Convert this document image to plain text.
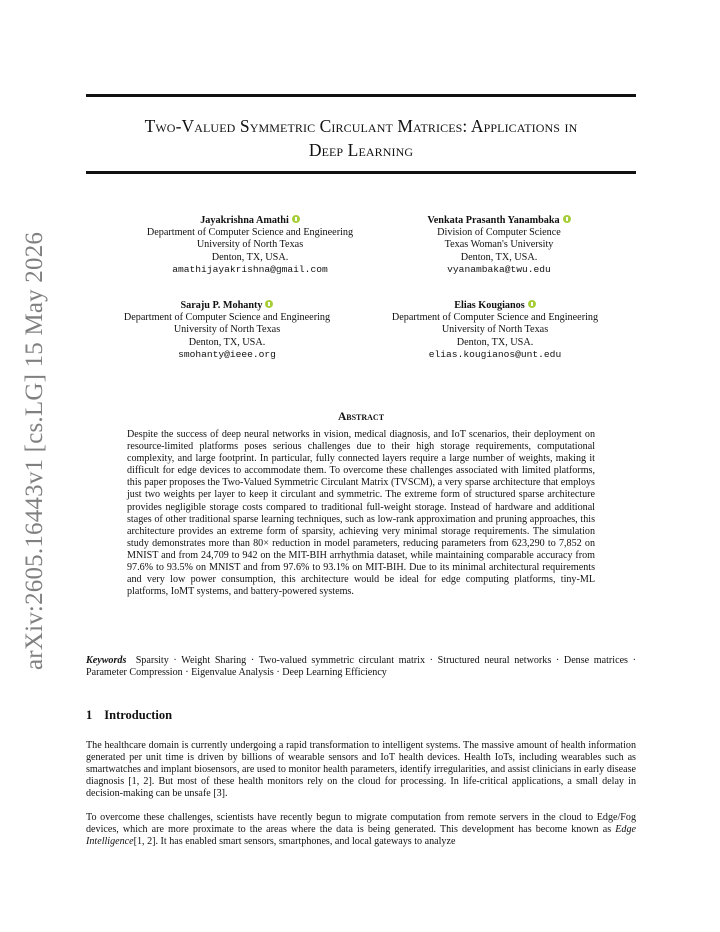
arXiv:2605.16443v1 [cs.LG] 15 May 2026
Two-Valued Symmetric Circulant Matrices: Applications in
Deep Learning
Jayakrishna Amathi
Department of Computer Science and Engineering
University of North Texas
Denton, TX, USA.
amathijayakrishna@gmail.com
Venkata Prasanth Yanambaka
Division of Computer Science
Texas Woman's University
Denton, TX, USA.
vyanambaka@twu.edu
Saraju P. Mohanty
Department of Computer Science and Engineering
University of North Texas
Denton, TX, USA.
smohanty@ieee.org
Elias Kougianos
Department of Computer Science and Engineering
University of North Texas
Denton, TX, USA.
elias.kougianos@unt.edu
Abstract
Despite the success of deep neural networks in vision, medical diagnosis, and IoT scenarios, their deployment on resource-limited platforms poses serious challenges due to their high storage requirements, computational complexity, and large footprint. In particular, fully connected layers require a large number of weights, making it difficult for edge devices to accommodate them. To overcome these challenges associated with limited platforms, this paper proposes the Two-Valued Symmetric Circulant Matrix (TVSCM), a very sparse architecture that employs just two weights per layer to keep it circulant and symmetric. The extreme form of structured sparse architecture provides negligible storage costs compared to traditional full-weight storage. Instead of hardware and additional stages of other traditional sparse learning techniques, such as low-rank approximation and pruning approaches, this architecture provides an extreme form of sparsity, achieving very minimal storage requirements. The simulation study demonstrates more than 80× reduction in model parameters, reducing parameters from 623,290 to 7,852 on MNIST and from 24,709 to 942 on the MIT-BIH arrhythmia dataset, while maintaining comparable accuracy from 97.6% to 93.5% on MNIST and from 97.6% to 93.1% on MIT-BIH. Due to its minimal architectural requirements and very low power consumption, this architecture would be ideal for edge computing platforms, tiny-ML platforms, IoMT systems, and battery-powered systems.
Keywords Sparsity · Weight Sharing · Two-valued symmetric circulant matrix · Structured neural networks · Dense matrices · Parameter Compression · Eigenvalue Analysis · Deep Learning Efficiency
1 Introduction
The healthcare domain is currently undergoing a rapid transformation to intelligent systems. The massive amount of health information generated per unit time is driven by billions of wearable sensors and IoT health devices. Health IoTs, including wearables such as smartwatches and implant biosensors, are used to monitor health parameters, identify irregularities, and assist clinicians in early disease diagnosis [1, 2]. But most of these health monitors rely on the cloud for processing. In life-critical applications, a small delay in decision-making can be unsafe [3].
To overcome these challenges, scientists have recently begun to migrate computation from remote servers in the cloud to Edge/Fog devices, which are more proximate to the areas where the data is being generated. This development has become known as Edge Intelligence[1, 2]. It has enabled smart sensors, smartphones, and local gateways to analyze
